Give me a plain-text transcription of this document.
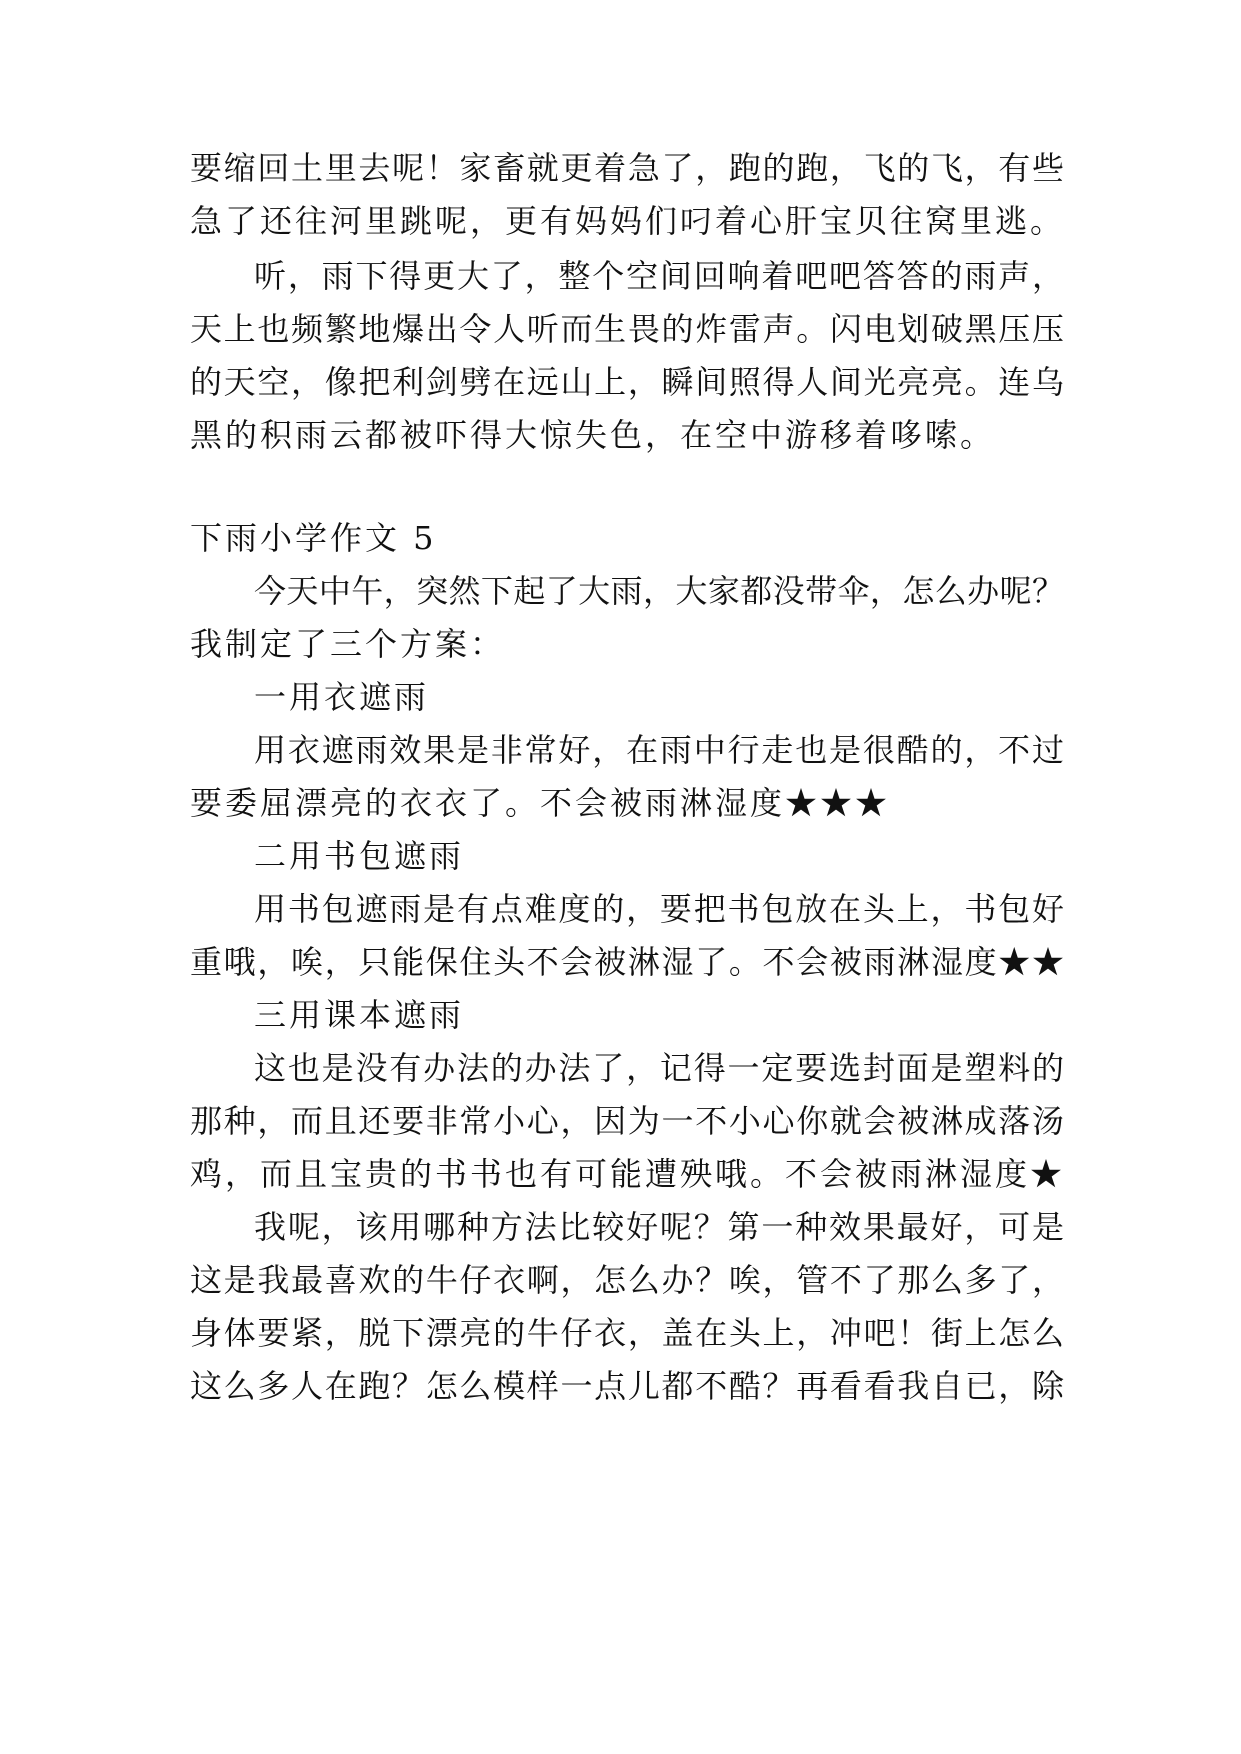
要缩回土里去呢！家畜就更着急了，跑的跑，飞的飞，有些
急了还往河里跳呢，更有妈妈们叼着心肝宝贝往窝里逃。
听，雨下得更大了，整个空间回响着吧吧答答的雨声，
天上也频繁地爆出令人听而生畏的炸雷声。闪电划破黑压压
的天空，像把利剑劈在远山上，瞬间照得人间光亮亮。连乌
黑的积雨云都被吓得大惊失色，在空中游移着哆嗦。
下雨小学作文 5
今天中午，突然下起了大雨，大家都没带伞，怎么办呢？
我制定了三个方案：
一用衣遮雨
用衣遮雨效果是非常好，在雨中行走也是很酷的，不过
要委屈漂亮的衣衣了。不会被雨淋湿度★★★
二用书包遮雨
用书包遮雨是有点难度的，要把书包放在头上，书包好
重哦，唉，只能保住头不会被淋湿了。不会被雨淋湿度★★
三用课本遮雨
这也是没有办法的办法了，记得一定要选封面是塑料的
那种，而且还要非常小心，因为一不小心你就会被淋成落汤
鸡，而且宝贵的书书也有可能遭殃哦。不会被雨淋湿度★
我呢，该用哪种方法比较好呢？第一种效果最好，可是
这是我最喜欢的牛仔衣啊，怎么办？唉，管不了那么多了，
身体要紧，脱下漂亮的牛仔衣，盖在头上，冲吧！街上怎么
这么多人在跑？怎么模样一点儿都不酷？再看看我自已，除
